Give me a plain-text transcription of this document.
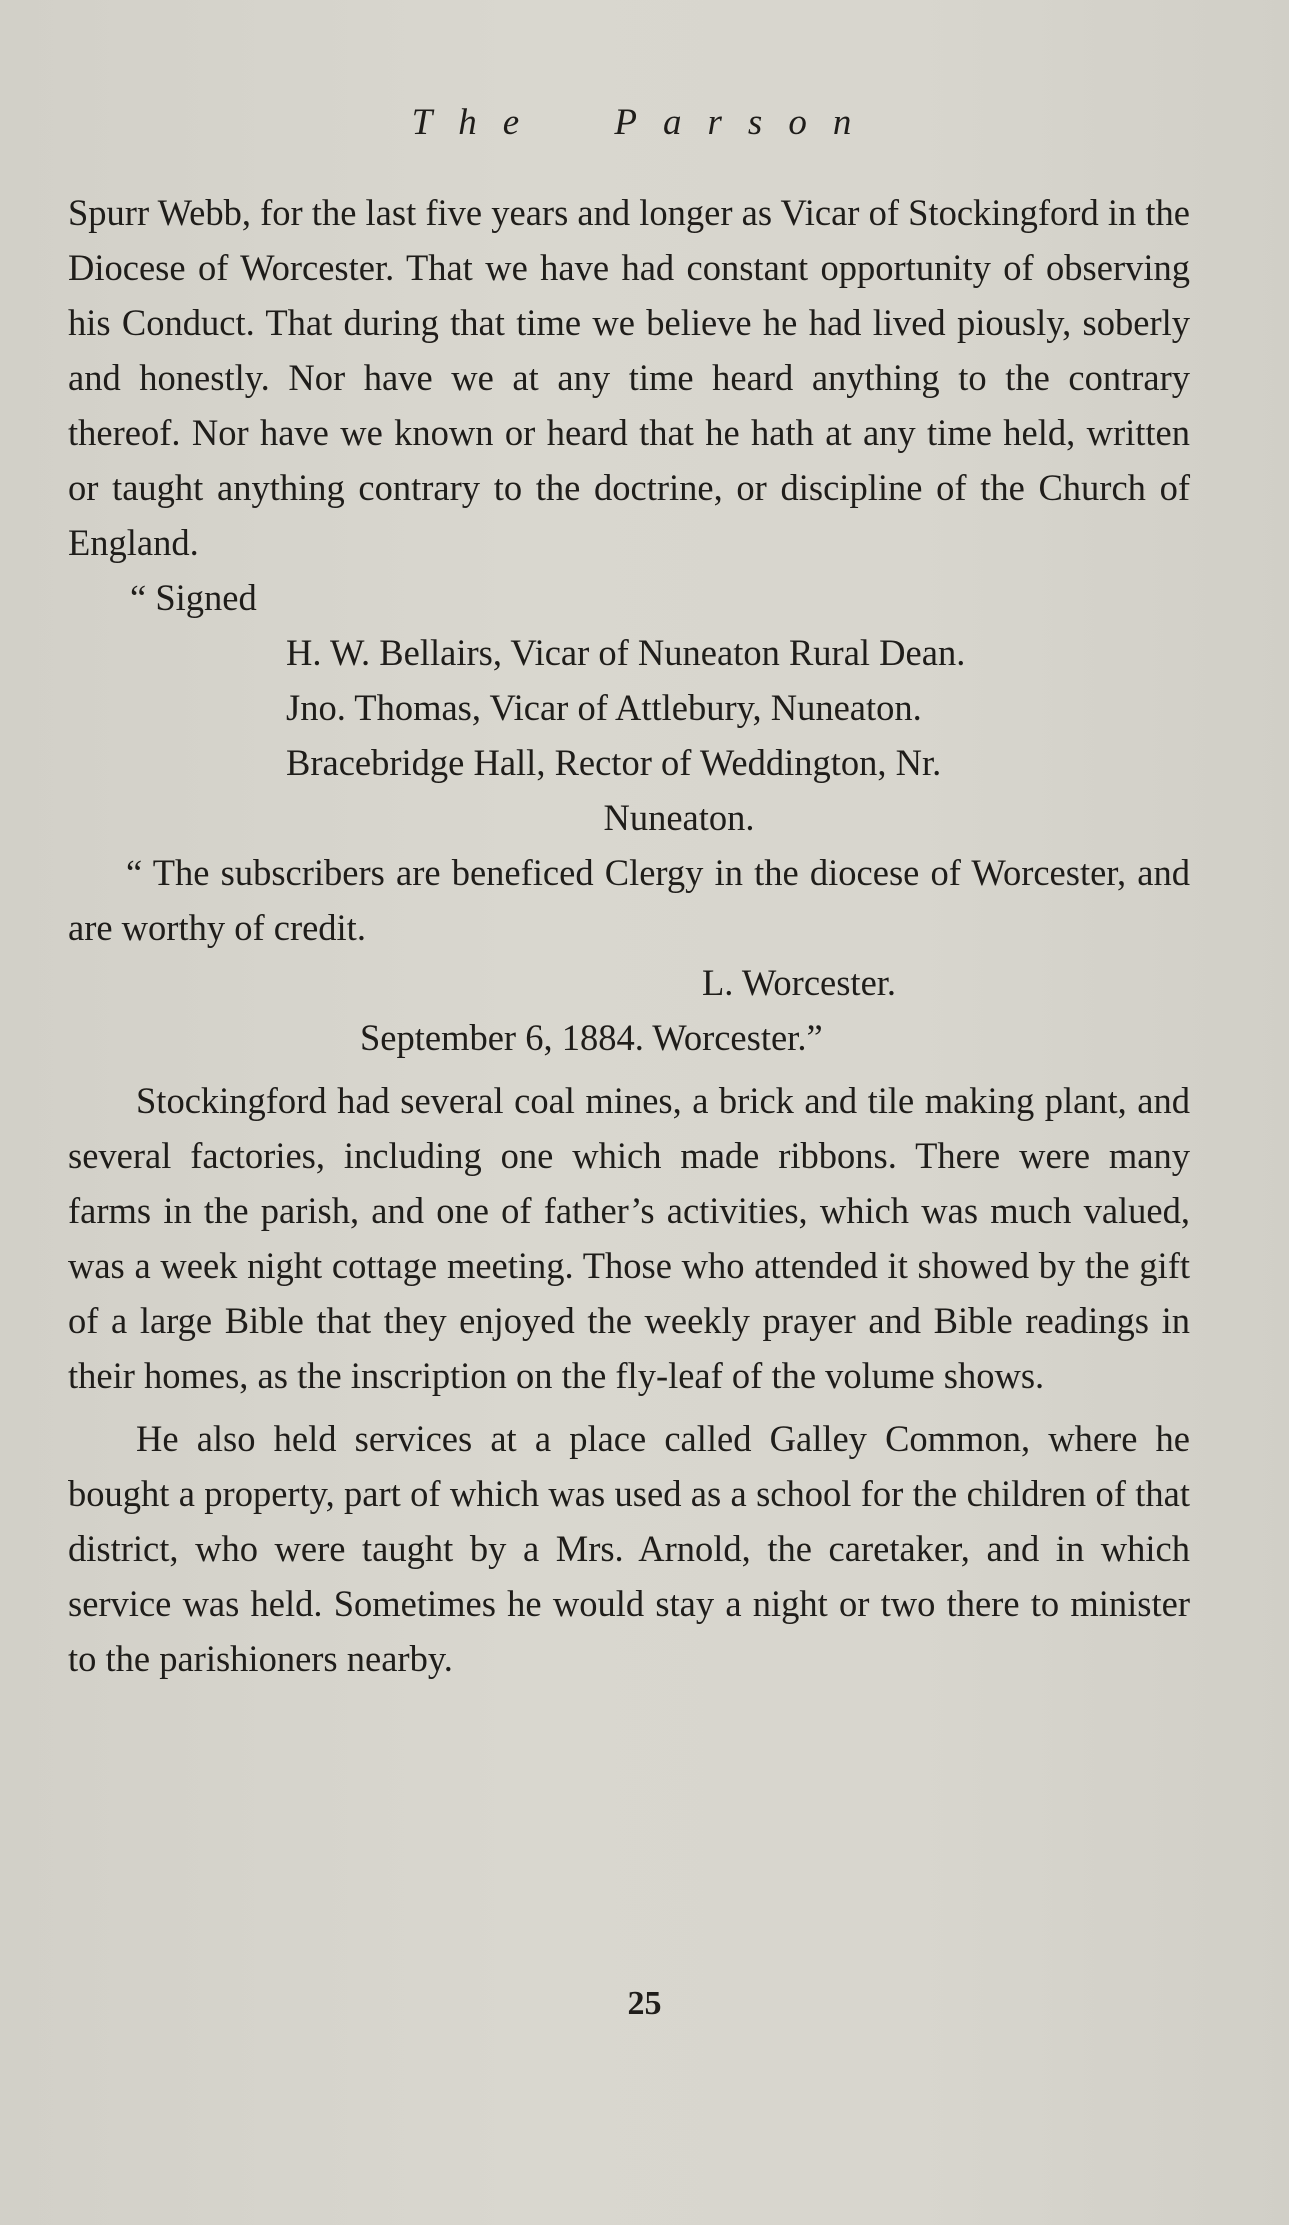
The Parson

Spurr Webb, for the last five years and longer as Vicar of Stockingford in the Diocese of Worcester. That we have had constant opportunity of observing his Conduct. That during that time we believe he had lived piously, soberly and honestly. Nor have we at any time heard anything to the contrary thereof. Nor have we known or heard that he hath at any time held, written or taught anything contrary to the doctrine, or discipline of the Church of England.

“ Signed

H. W. Bellairs, Vicar of Nuneaton Rural Dean.

Jno. Thomas, Vicar of Attlebury, Nuneaton.

Bracebridge Hall, Rector of Weddington, Nr.

Nuneaton.

“ The subscribers are beneficed Clergy in the diocese of Worcester, and are worthy of credit.

L. Worcester.

September 6, 1884. Worcester.”

Stockingford had several coal mines, a brick and tile making plant, and several factories, including one which made ribbons. There were many farms in the parish, and one of father’s activities, which was much valued, was a week night cottage meeting. Those who attended it showed by the gift of a large Bible that they enjoyed the weekly prayer and Bible readings in their homes, as the inscription on the fly-leaf of the volume shows.

He also held services at a place called Galley Common, where he bought a property, part of which was used as a school for the children of that district, who were taught by a Mrs. Arnold, the caretaker, and in which service was held. Sometimes he would stay a night or two there to minister to the parishioners nearby.

25
